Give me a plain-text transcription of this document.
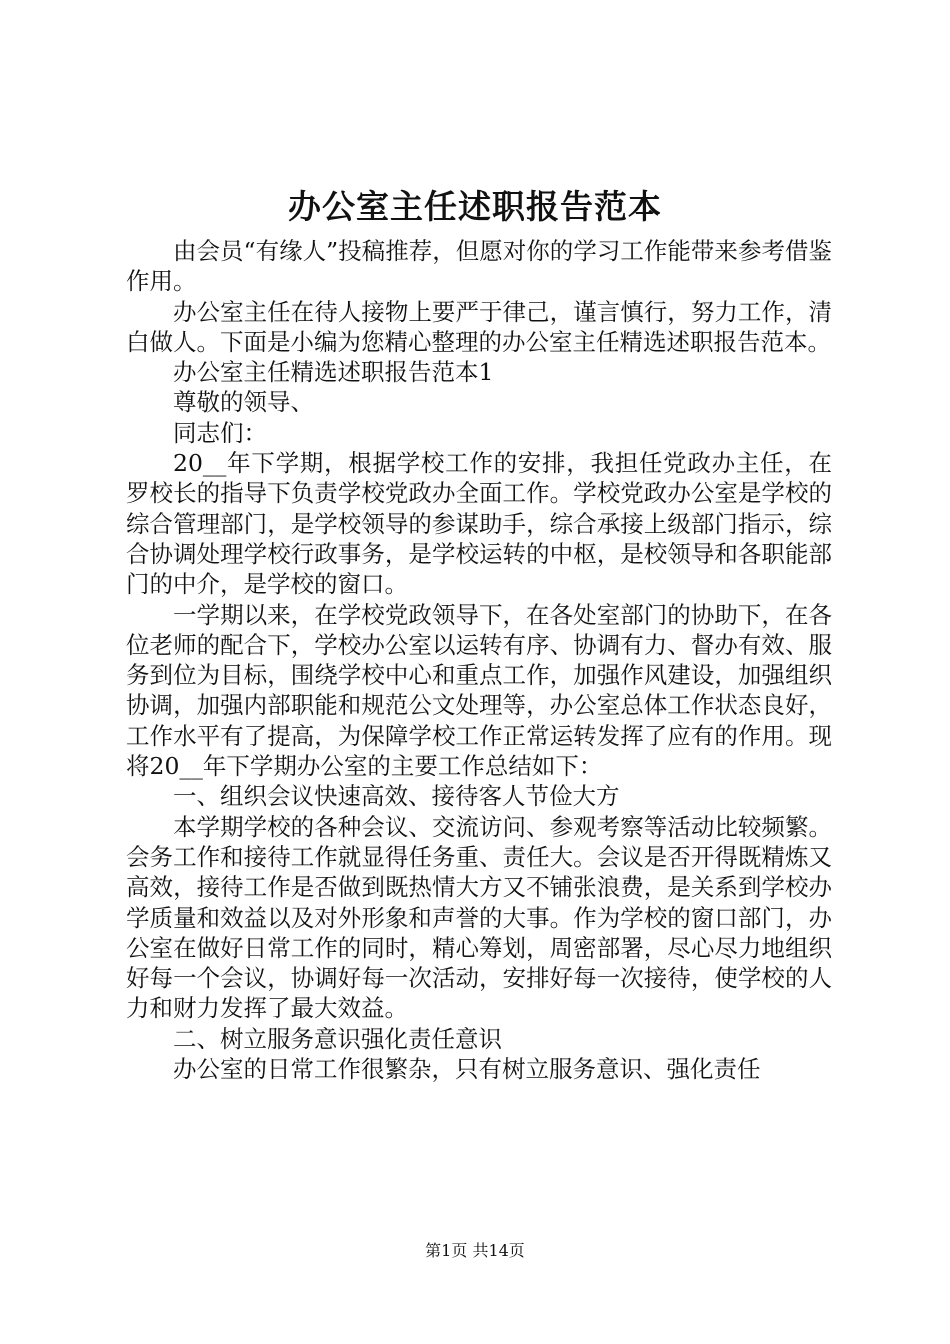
办公室主任述职报告范本

由会员“有缘人”投稿推荐，但愿对你的学习工作能带来参考借鉴作用。

办公室主任在待人接物上要严于律己，谨言慎行，努力工作，清白做人。下面是小编为您精心整理的办公室主任精选述职报告范本。

办公室主任精选述职报告范本1

尊敬的领导、

同志们：

20__年下学期，根据学校工作的安排，我担任党政办主任，在罗校长的指导下负责学校党政办全面工作。学校党政办公室是学校的综合管理部门，是学校领导的参谋助手，综合承接上级部门指示，综合协调处理学校行政事务，是学校运转的中枢，是校领导和各职能部门的中介，是学校的窗口。

一学期以来，在学校党政领导下，在各处室部门的协助下，在各位老师的配合下，学校办公室以运转有序、协调有力、督办有效、服务到位为目标，围绕学校中心和重点工作，加强作风建设，加强组织协调，加强内部职能和规范公文处理等，办公室总体工作状态良好，工作水平有了提高，为保障学校工作正常运转发挥了应有的作用。现将20__年下学期办公室的主要工作总结如下：

一、组织会议快速高效、接待客人节俭大方

本学期学校的各种会议、交流访问、参观考察等活动比较频繁。会务工作和接待工作就显得任务重、责任大。会议是否开得既精炼又高效，接待工作是否做到既热情大方又不铺张浪费，是关系到学校办学质量和效益以及对外形象和声誉的大事。作为学校的窗口部门，办公室在做好日常工作的同时，精心筹划，周密部署，尽心尽力地组织好每一个会议，协调好每一次活动，安排好每一次接待，使学校的人力和财力发挥了最大效益。

二、树立服务意识强化责任意识

办公室的日常工作很繁杂，只有树立服务意识、强化责任

第1页 共14页
